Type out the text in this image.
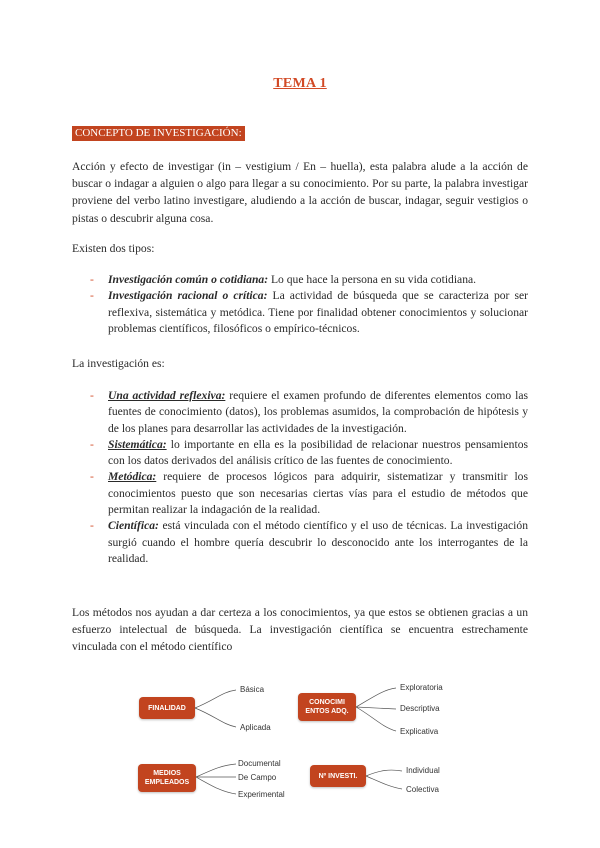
TEMA 1
CONCEPTO DE INVESTIGACIÓN:

Acción y efecto de investigar (in – vestigium / En – huella), esta palabra alude a la acción de buscar o indagar a alguien o algo para llegar a su conocimiento. Por su parte, la palabra investigar proviene del verbo latino investigare, aludiendo a la acción de buscar, indagar, seguir vestigios o pistas o descubrir alguna cosa.

Existen dos tipos:

- Investigación común o cotidiana: Lo que hace la persona en su vida cotidiana.
- Investigación racional o crítica: La actividad de búsqueda que se caracteriza por ser reflexiva, sistemática y metódica. Tiene por finalidad obtener conocimientos y solucionar problemas científicos, filosóficos o empírico-técnicos.

La investigación es:

- Una actividad reflexiva: requiere el examen profundo de diferentes elementos como las fuentes de conocimiento (datos), los problemas asumidos, la comprobación de hipótesis y de los planes para desarrollar las actividades de la investigación.
- Sistemática: lo importante en ella es la posibilidad de relacionar nuestros pensamientos con los datos derivados del análisis crítico de las fuentes de conocimiento.
- Metódica: requiere de procesos lógicos para adquirir, sistematizar y transmitir los conocimientos puesto que son necesarias ciertas vías para el estudio de métodos que permitan realizar la indagación de la realidad.
- Científica: está vinculada con el método científico y el uso de técnicas. La investigación surgió cuando el hombre quería descubrir lo desconocido ante los interrogantes de la realidad.

Los métodos nos ayudan a dar certeza a los conocimientos, ya que estos se obtienen gracias a un esfuerzo intelectual de búsqueda. La investigación científica se encuentra estrechamente vinculada con el método científico

FINALIDAD
Básica
Aplicada
CONOCIMI ENTOS ADQ.
Exploratoria
Descriptiva
Explicativa
MEDIOS EMPLEADOS
Documental
De Campo
Experimental
Nº INVESTI.
Individual
Colectiva
